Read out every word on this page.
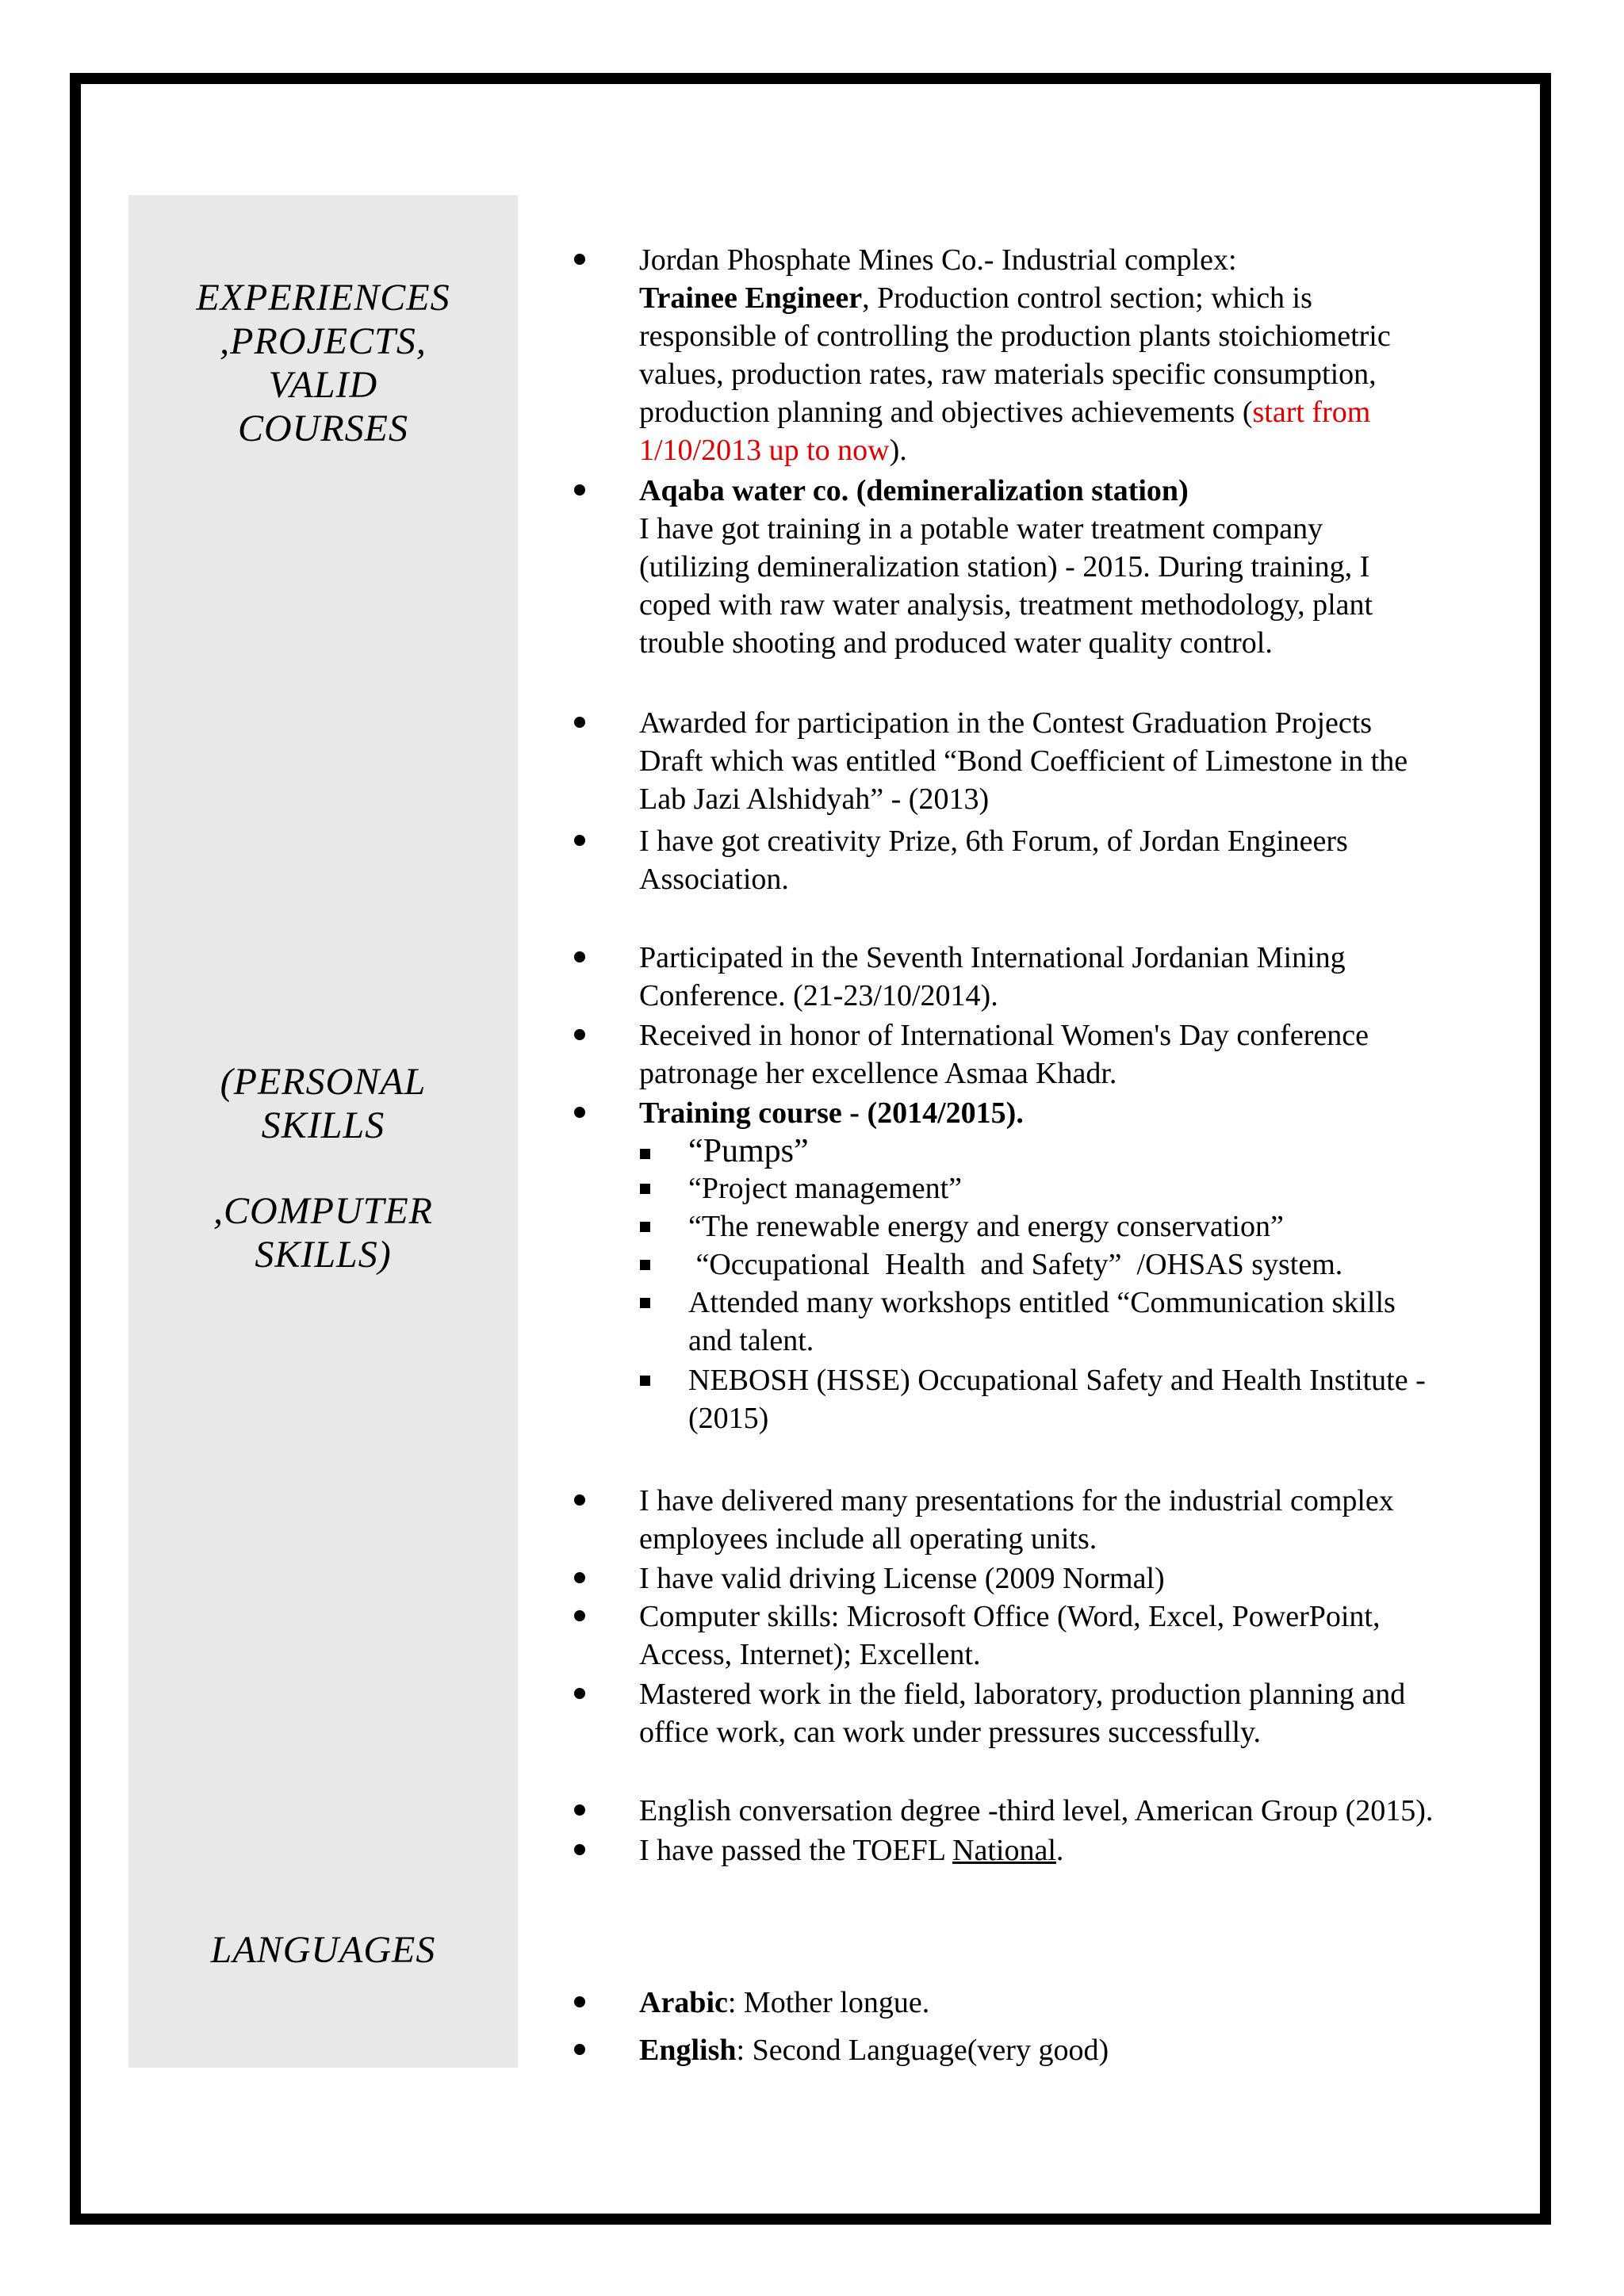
EXPERIENCES
,PROJECTS,
VALID
COURSES
(PERSONAL
SKILLS
,COMPUTER
SKILLS)
LANGUAGES
Jordan Phosphate Mines Co.- Industrial complex:
Trainee Engineer, Production control section; which is
responsible of controlling the production plants stoichiometric
values, production rates, raw materials specific consumption,
production planning and objectives achievements (start from
1/10/2013 up to now).
Aqaba water co. (demineralization station)
I have got training in a potable water treatment company
(utilizing demineralization station) - 2015. During training, I
coped with raw water analysis, treatment methodology, plant
trouble shooting and produced water quality control.
Awarded for participation in the Contest Graduation Projects
Draft which was entitled “Bond Coefficient of Limestone in the
Lab Jazi Alshidyah” - (2013)
I have got creativity Prize, 6th Forum, of Jordan Engineers
Association.
Participated in the Seventh International Jordanian Mining
Conference. (21-23/10/2014).
Received in honor of International Women's Day conference
patronage her excellence Asmaa Khadr.
Training course - (2014/2015).
“Pumps”
“Project management”
“The renewable energy and energy conservation”
“Occupational  Health  and Safety”  /OHSAS system.
Attended many workshops entitled “Communication skills
and talent.
NEBOSH (HSSE) Occupational Safety and Health Institute -
(2015)
I have delivered many presentations for the industrial complex
employees include all operating units.
I have valid driving License (2009 Normal)
Computer skills: Microsoft Office (Word, Excel, PowerPoint,
Access, Internet); Excellent.
Mastered work in the field, laboratory, production planning and
office work, can work under pressures successfully.
English conversation degree -third level, American Group (2015).
I have passed the TOEFL National.
Arabic: Mother longue.
English: Second Language(very good)
